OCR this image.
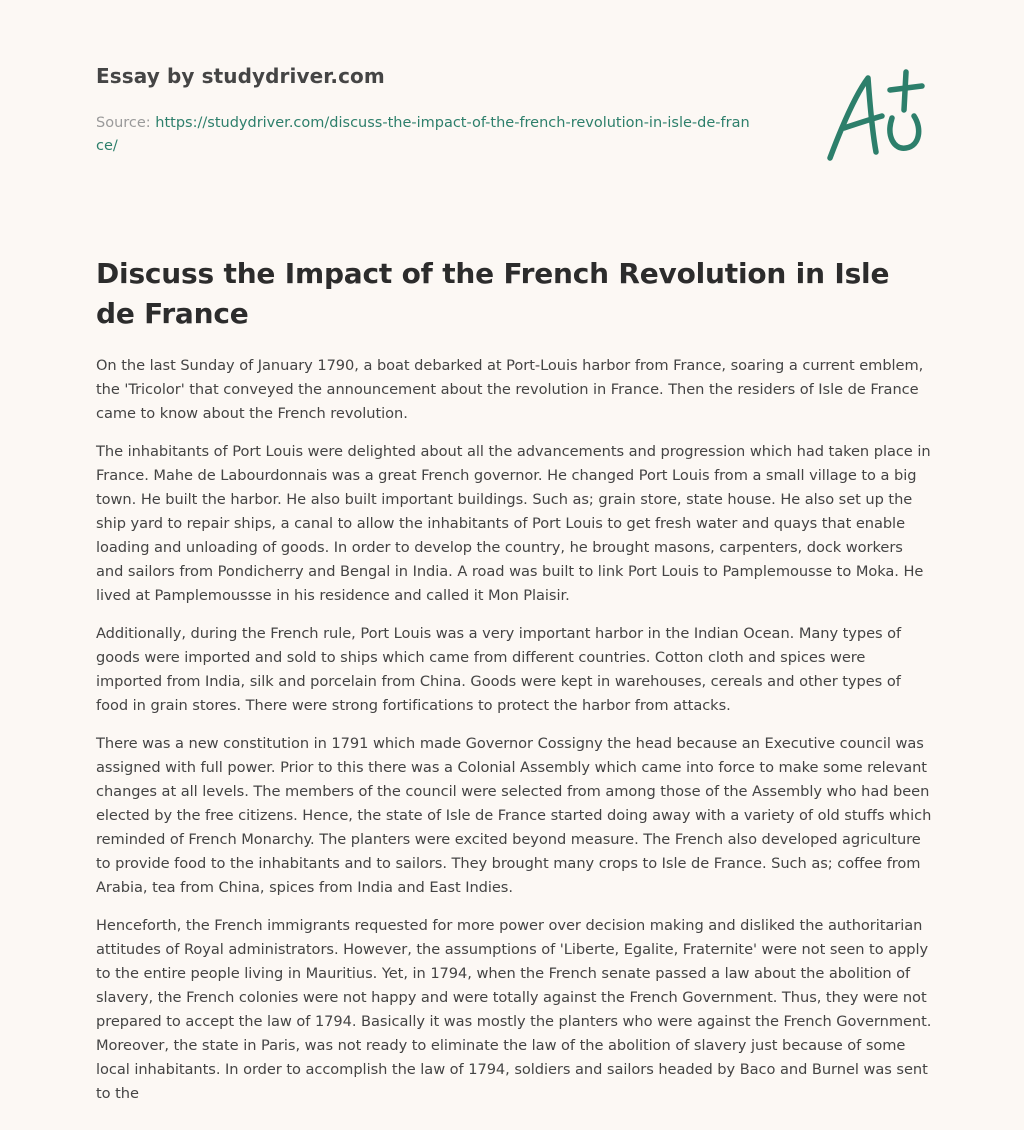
Essay by studydriver.com
Source: https://studydriver.com/discuss-the-impact-of-the-french-revolution-in-isle-de-france/
Discuss the Impact of the French Revolution in Isle de France

On the last Sunday of January 1790, a boat debarked at Port-Louis harbor from France, soaring a current emblem, the 'Tricolor' that conveyed the announcement about the revolution in France. Then the residers of Isle de France came to know about the French revolution.

The inhabitants of Port Louis were delighted about all the advancements and progression which had taken place in France. Mahe de Labourdonnais was a great French governor. He changed Port Louis from a small village to a big town. He built the harbor. He also built important buildings. Such as; grain store, state house. He also set up the ship yard to repair ships, a canal to allow the inhabitants of Port Louis to get fresh water and quays that enable loading and unloading of goods. In order to develop the country, he brought masons, carpenters, dock workers and sailors from Pondicherry and Bengal in India. A road was built to link Port Louis to Pamplemousse to Moka. He lived at Pamplemoussse in his residence and called it Mon Plaisir.

Additionally, during the French rule, Port Louis was a very important harbor in the Indian Ocean. Many types of goods were imported and sold to ships which came from different countries. Cotton cloth and spices were imported from India, silk and porcelain from China. Goods were kept in warehouses, cereals and other types of food in grain stores. There were strong fortifications to protect the harbor from attacks.

There was a new constitution in 1791 which made Governor Cossigny the head because an Executive council was assigned with full power. Prior to this there was a Colonial Assembly which came into force to make some relevant changes at all levels. The members of the council were selected from among those of the Assembly who had been elected by the free citizens. Hence, the state of Isle de France started doing away with a variety of old stuffs which reminded of French Monarchy. The planters were excited beyond measure. The French also developed agriculture to provide food to the inhabitants and to sailors. They brought many crops to Isle de France. Such as; coffee from Arabia, tea from China, spices from India and East Indies.

Henceforth, the French immigrants requested for more power over decision making and disliked the authoritarian attitudes of Royal administrators. However, the assumptions of 'Liberte, Egalite, Fraternite' were not seen to apply to the entire people living in Mauritius. Yet, in 1794, when the French senate passed a law about the abolition of slavery, the French colonies were not happy and were totally against the French Government. Thus, they were not prepared to accept the law of 1794. Basically it was mostly the planters who were against the French Government. Moreover, the state in Paris, was not ready to eliminate the law of the abolition of slavery just because of some local inhabitants. In order to accomplish the law of 1794, soldiers and sailors headed by Baco and Burnel was sent to the
